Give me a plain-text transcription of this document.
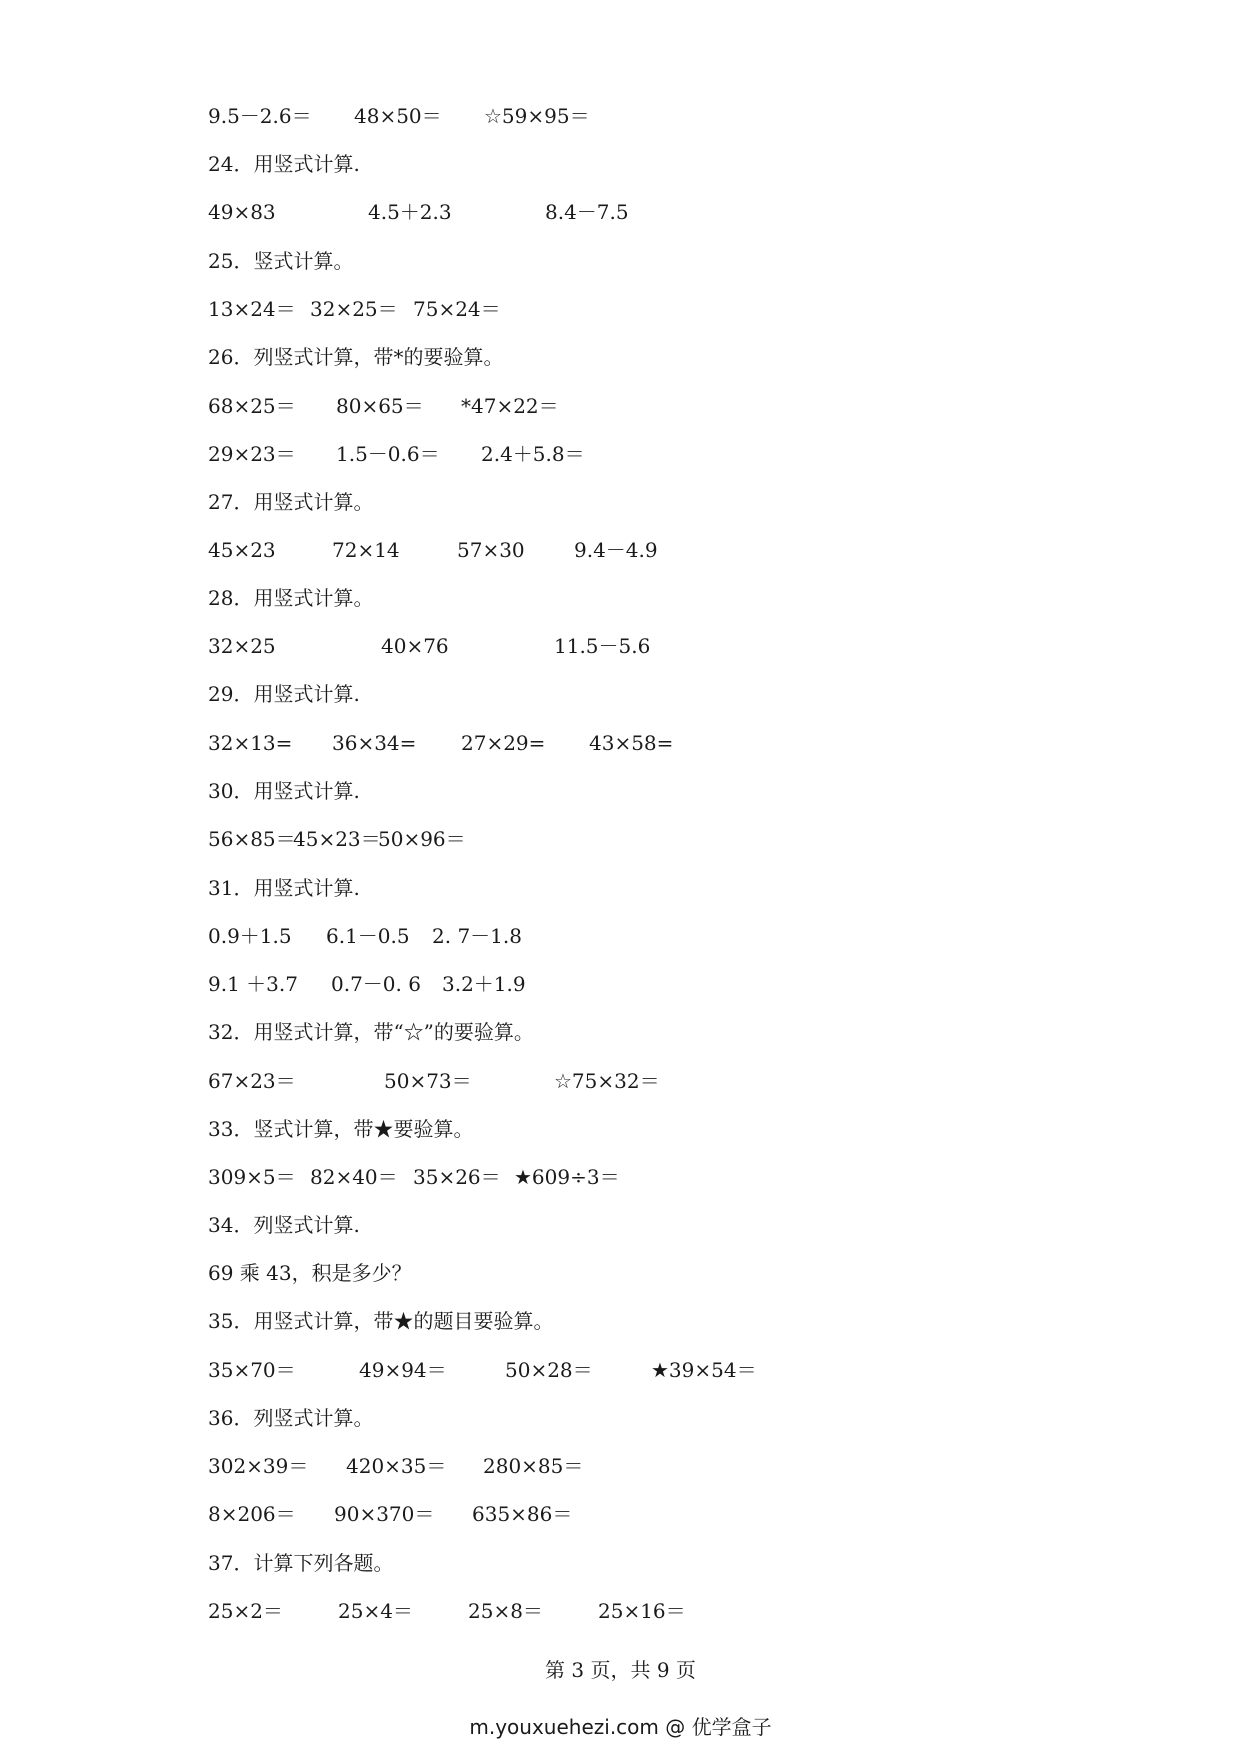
9.5－2.6＝ 48×50＝ ☆59×95＝
24．用竖式计算.
49×83	4.5＋2.3	8.4－7.5
25．竖式计算。
13×24＝ 32×25＝ 75×24＝
26．列竖式计算，带*的要验算。
68×25＝ 80×65＝ *47×22＝
29×23＝ 1.5－0.6＝ 2.4＋5.8＝
27．用竖式计算。
45×23	72×14	57×30 9.4－4.9
28．用竖式计算。
32×25	40×76	11.5－5.6
29．用竖式计算.
32×13= 36×34= 27×29= 43×58=
30．用竖式计算.
56×85＝
45×23＝
50×96＝
31．用竖式计算.
0.9＋1.5 6.1－0.5 2. 7－1.8
9.1 ＋3.7 0.7－0. 6 3.2＋1.9
32．用竖式计算，带“☆”的要验算。
67×23＝	50×73＝	☆75×32＝
33．竖式计算，带★要验算。
309×5＝ 82×40＝ 35×26＝ ★609÷3＝
34．列竖式计算.
69 乘 43，积是多少？
35．用竖式计算，带★的题目要验算。
35×70＝	49×94＝	50×28＝	★39×54＝
36．列竖式计算。
302×39＝ 420×35＝ 280×85＝
8×206＝ 90×370＝ 635×86＝
37．计算下列各题。
25×2＝	25×4＝	25×8＝	25×16＝
第 3 页，共 9 页
m.youxuehezi.com @ 优学盒子
